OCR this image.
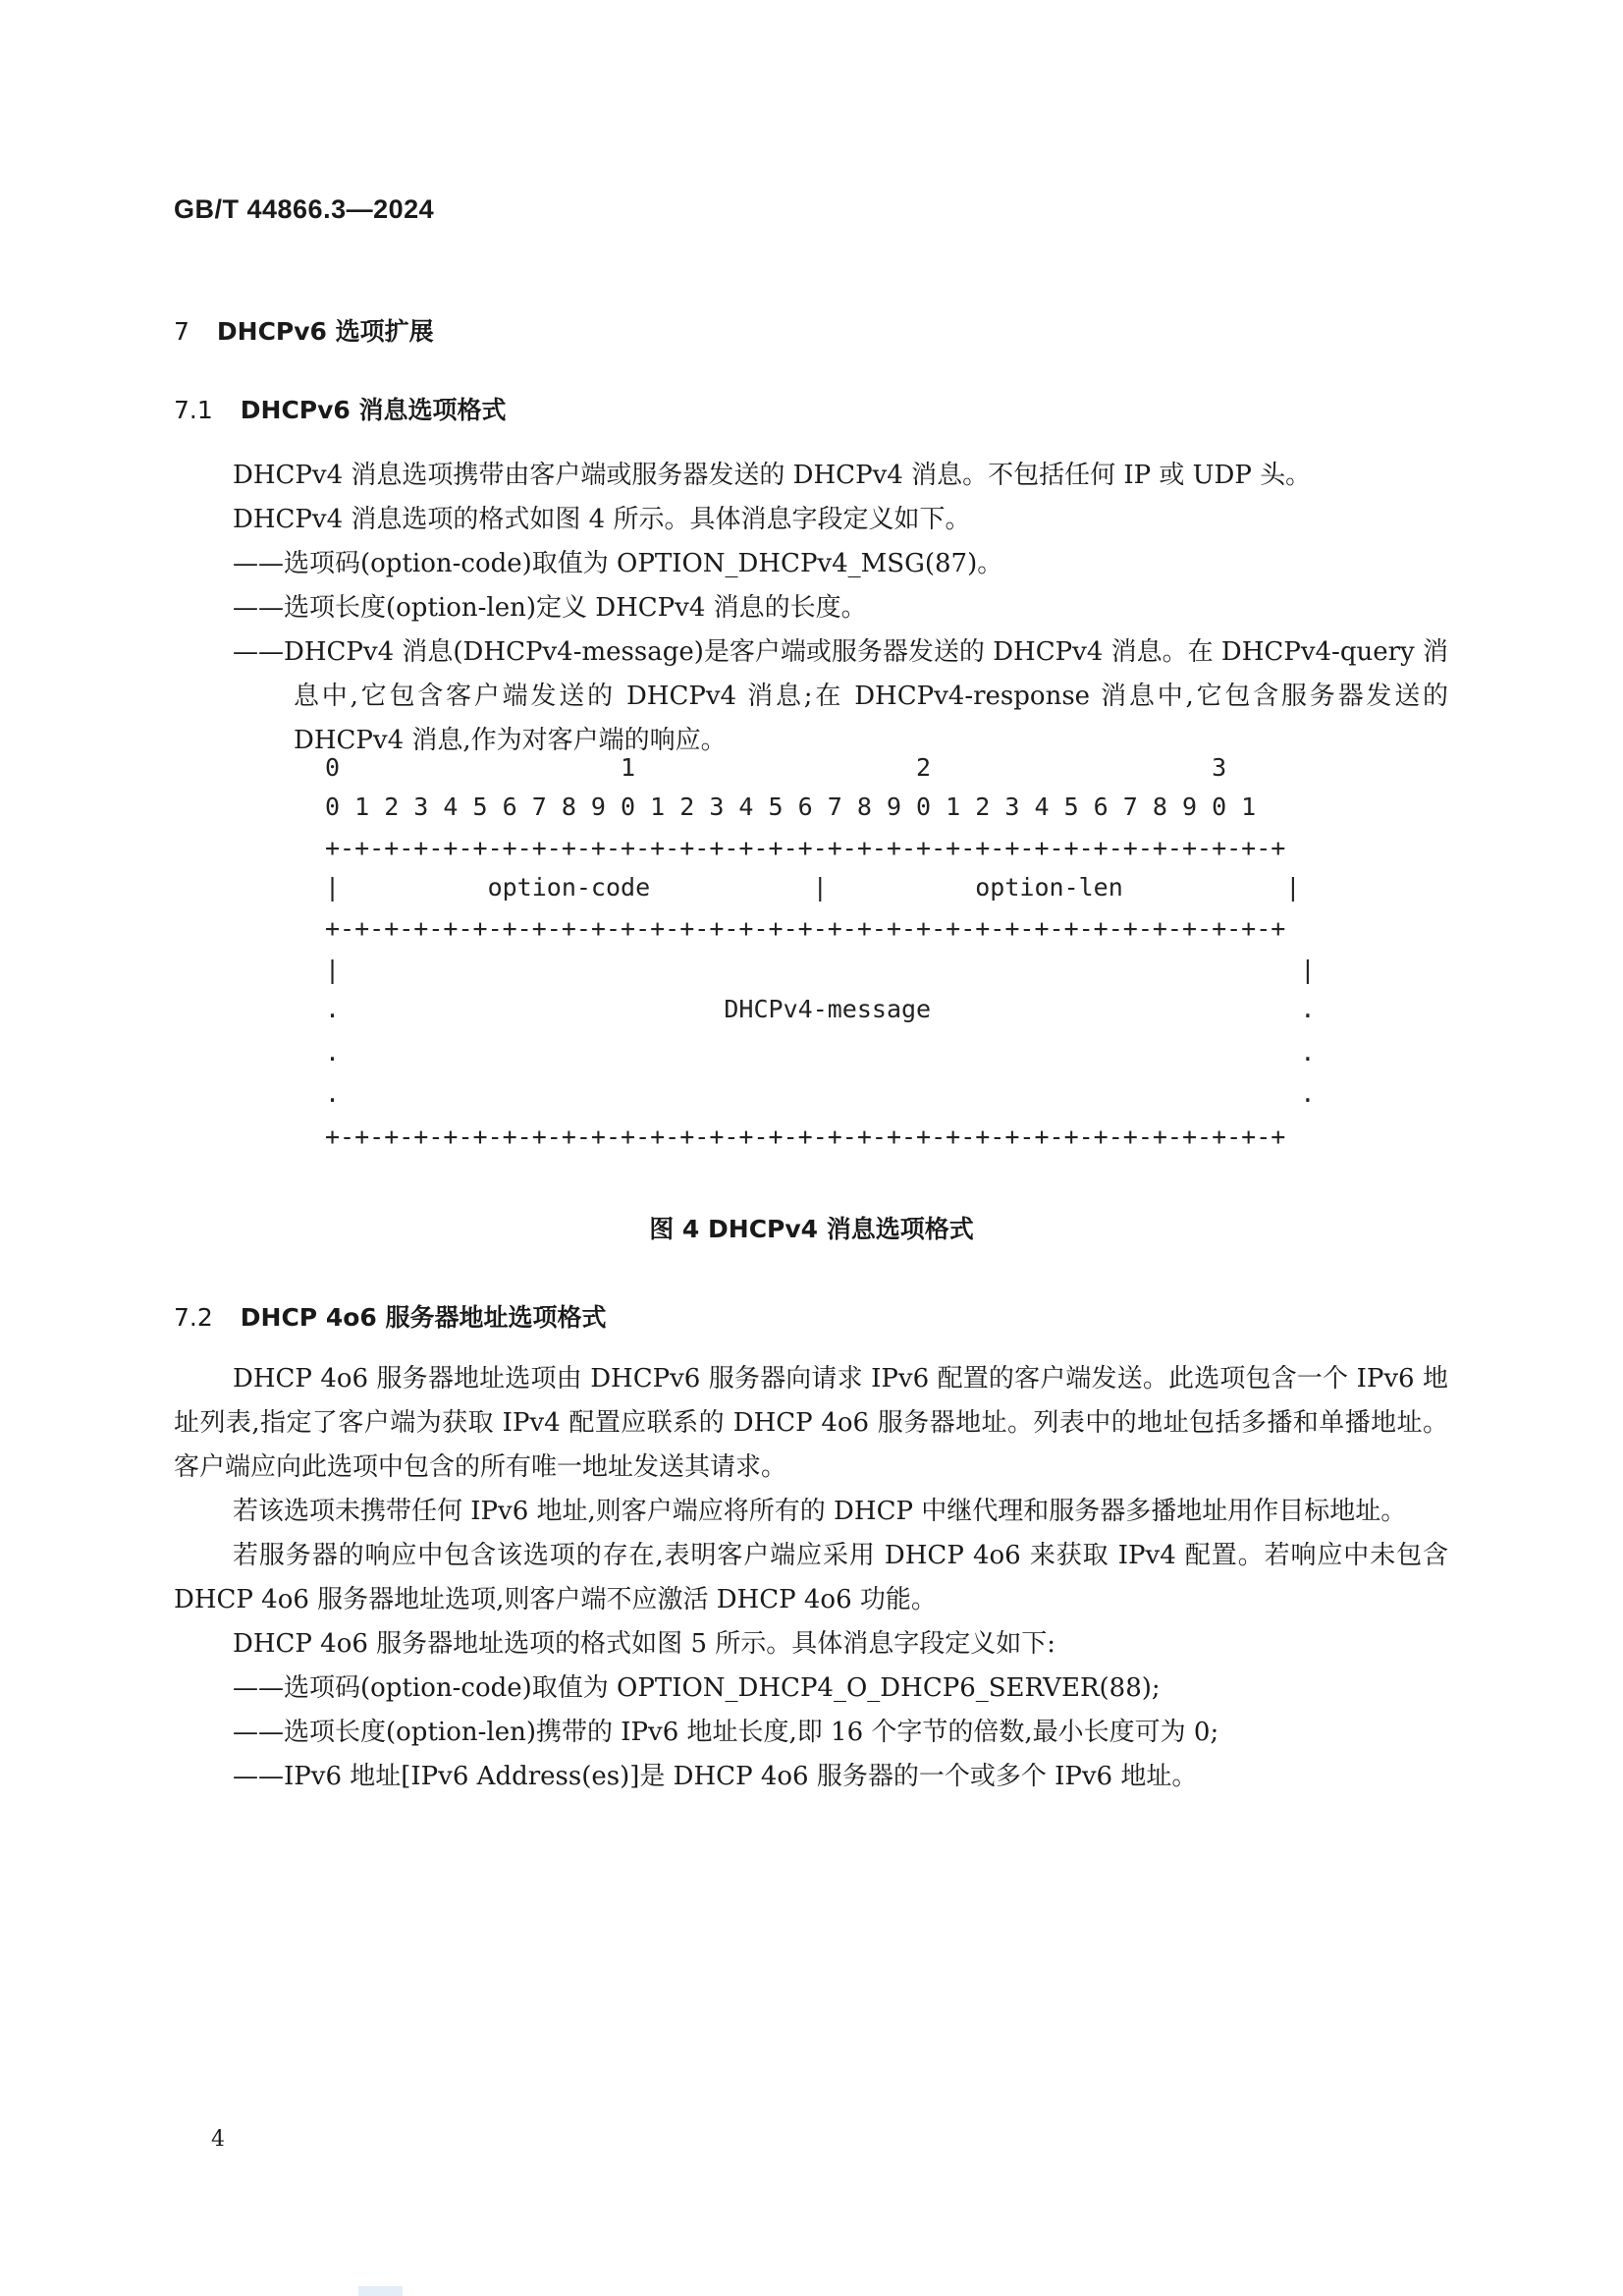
GB/T 44866.3—2024
7 DHCPv6 选项扩展
7.1 DHCPv6 消息选项格式

DHCPv4 消息选项携带由客户端或服务器发送的 DHCPv4 消息。不包括任何 IP 或 UDP 头。

DHCPv4 消息选项的格式如图 4 所示。具体消息字段定义如下。

——选项码(option-code)取值为 OPTION_DHCPv4_MSG(87)。

——选项长度(option-len)定义 DHCPv4 消息的长度。

——DHCPv4 消息(DHCPv4-message)是客户端或服务器发送的 DHCPv4 消息。在 DHCPv4-query 消息中,它包含客户端发送的 DHCPv4 消息;在 DHCPv4-response 消息中,它包含服务器发送的 DHCPv4 消息,作为对客户端的响应。

0                   1                   2                   3
0 1 2 3 4 5 6 7 8 9 0 1 2 3 4 5 6 7 8 9 0 1 2 3 4 5 6 7 8 9 0 1
+-+-+-+-+-+-+-+-+-+-+-+-+-+-+-+-+-+-+-+-+-+-+-+-+-+-+-+-+-+-+-+-+
|          option-code           |          option-len           |
+-+-+-+-+-+-+-+-+-+-+-+-+-+-+-+-+-+-+-+-+-+-+-+-+-+-+-+-+-+-+-+-+
|                                                                 |
.                          DHCPv4-message                         .
.                                                                 .
.                                                                 .
+-+-+-+-+-+-+-+-+-+-+-+-+-+-+-+-+-+-+-+-+-+-+-+-+-+-+-+-+-+-+-+-+
图 4 DHCPv4 消息选项格式
7.2 DHCP 4o6 服务器地址选项格式

DHCP 4o6 服务器地址选项由 DHCPv6 服务器向请求 IPv6 配置的客户端发送。此选项包含一个 IPv6 地址列表,指定了客户端为获取 IPv4 配置应联系的 DHCP 4o6 服务器地址。列表中的地址包括多播和单播地址。客户端应向此选项中包含的所有唯一地址发送其请求。

若该选项未携带任何 IPv6 地址,则客户端应将所有的 DHCP 中继代理和服务器多播地址用作目标地址。

若服务器的响应中包含该选项的存在,表明客户端应采用 DHCP 4o6 来获取 IPv4 配置。若响应中未包含 DHCP 4o6 服务器地址选项,则客户端不应激活 DHCP 4o6 功能。

DHCP 4o6 服务器地址选项的格式如图 5 所示。具体消息字段定义如下:

——选项码(option-code)取值为 OPTION_DHCP4_O_DHCP6_SERVER(88);

——选项长度(option-len)携带的 IPv6 地址长度,即 16 个字节的倍数,最小长度可为 0;

——IPv6 地址[IPv6 Address(es)]是 DHCP 4o6 服务器的一个或多个 IPv6 地址。

4
